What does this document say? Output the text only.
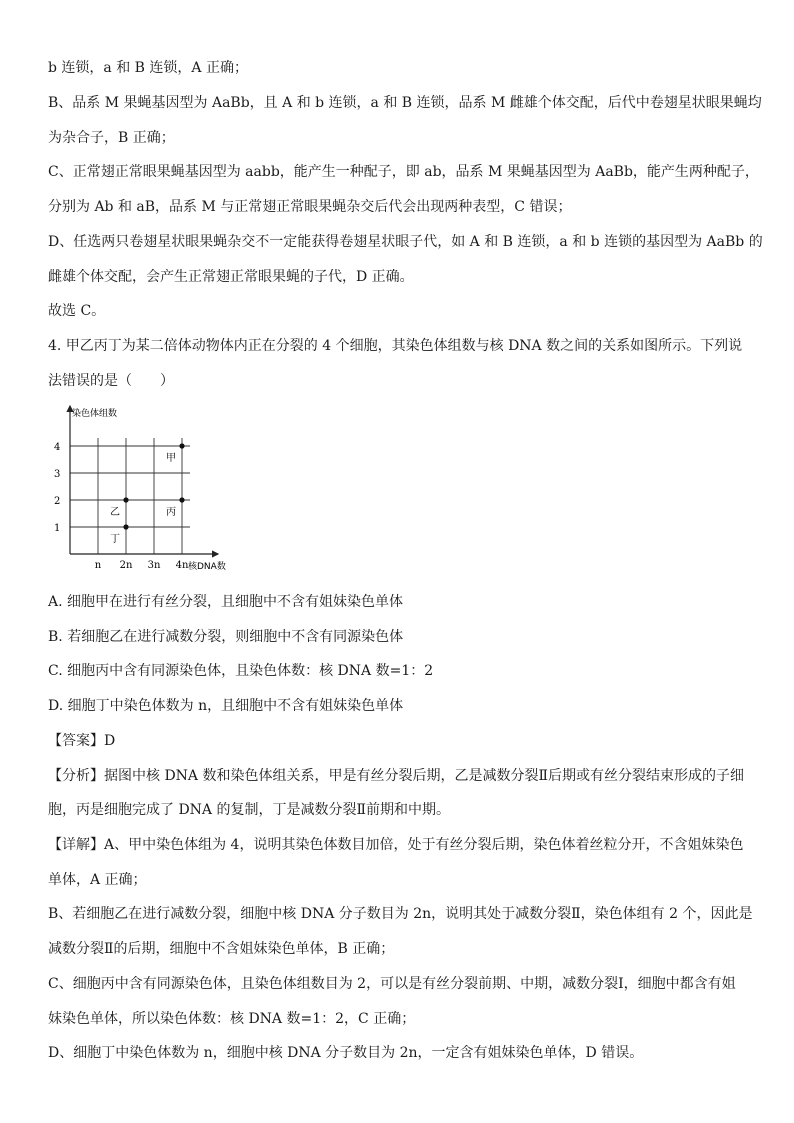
b 连锁，a 和 B 连锁，A 正确；
B、品系 M 果蝇基因型为 AaBb，且 A 和 b 连锁，a 和 B 连锁，品系 M 雌雄个体交配，后代中卷翅星状眼果蝇均
为杂合子，B 正确；
C、正常翅正常眼果蝇基因型为 aabb，能产生一种配子，即 ab，品系 M 果蝇基因型为 AaBb，能产生两种配子，
分别为 Ab 和 aB，品系 M 与正常翅正常眼果蝇杂交后代会出现两种表型，C 错误；
D、任选两只卷翅星状眼果蝇杂交不一定能获得卷翅星状眼子代，如 A 和 B 连锁，a 和 b 连锁的基因型为 AaBb 的
雌雄个体交配，会产生正常翅正常眼果蝇的子代，D 正确。
故选 C。
4. 甲乙丙丁为某二倍体动物体内正在分裂的 4 个细胞，其染色体组数与核 DNA 数之间的关系如图所示。下列说
法错误的是（　　）
染色体组数
核DNA数
1
2
3
4
n 2n 3n 4n
甲
乙	丙
丁
A. 细胞甲在进行有丝分裂，且细胞中不含有姐妹染色单体
B. 若细胞乙在进行减数分裂，则细胞中不含有同源染色体
C. 细胞丙中含有同源染色体，且染色体数：核 DNA 数=1：2
D. 细胞丁中染色体数为 n，且细胞中不含有姐妹染色单体
【答案】D
【分析】据图中核 DNA 数和染色体组关系，甲是有丝分裂后期，乙是减数分裂Ⅱ后期或有丝分裂结束形成的子细
胞，丙是细胞完成了 DNA 的复制，丁是减数分裂Ⅱ前期和中期。
【详解】A、甲中染色体组为 4，说明其染色体数目加倍，处于有丝分裂后期，染色体着丝粒分开，不含姐妹染色
单体，A 正确；
B、若细胞乙在进行减数分裂，细胞中核 DNA 分子数目为 2n，说明其处于减数分裂Ⅱ，染色体组有 2 个，因此是
减数分裂Ⅱ的后期，细胞中不含姐妹染色单体，B 正确；
C、细胞丙中含有同源染色体，且染色体组数目为 2，可以是有丝分裂前期、中期，减数分裂Ⅰ，细胞中都含有姐
妹染色单体，所以染色体数：核 DNA 数=1：2，C 正确；
D、细胞丁中染色体数为 n，细胞中核 DNA 分子数目为 2n，一定含有姐妹染色单体，D 错误。
